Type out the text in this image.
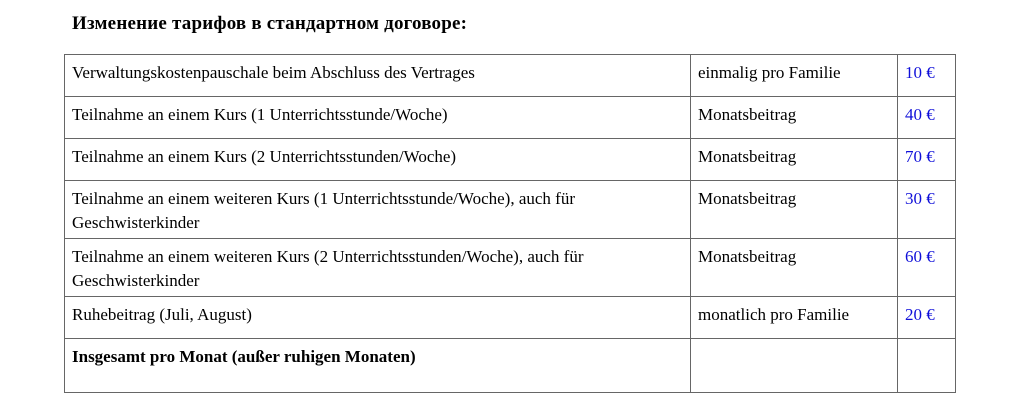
Изменение тарифов в стандартном договоре:
Verwaltungskostenpauschale beim Abschluss des Vertrages	einmalig pro Familie	10 €
Teilnahme an einem Kurs (1 Unterrichtsstunde/Woche)	Monatsbeitrag	40 €
Teilnahme an einem Kurs (2 Unterrichtsstunden/Woche)	Monatsbeitrag	70 €
Teilnahme an einem weiteren Kurs (1 Unterrichtsstunde/Woche), auch für Geschwisterkinder	Monatsbeitrag	30 €
Teilnahme an einem weiteren Kurs (2 Unterrichtsstunden/Woche), auch für Geschwisterkinder	Monatsbeitrag	60 €
Ruhebeitrag (Juli, August)	monatlich pro Familie	20 €
Insgesamt pro Monat (außer ruhigen Monaten)		
